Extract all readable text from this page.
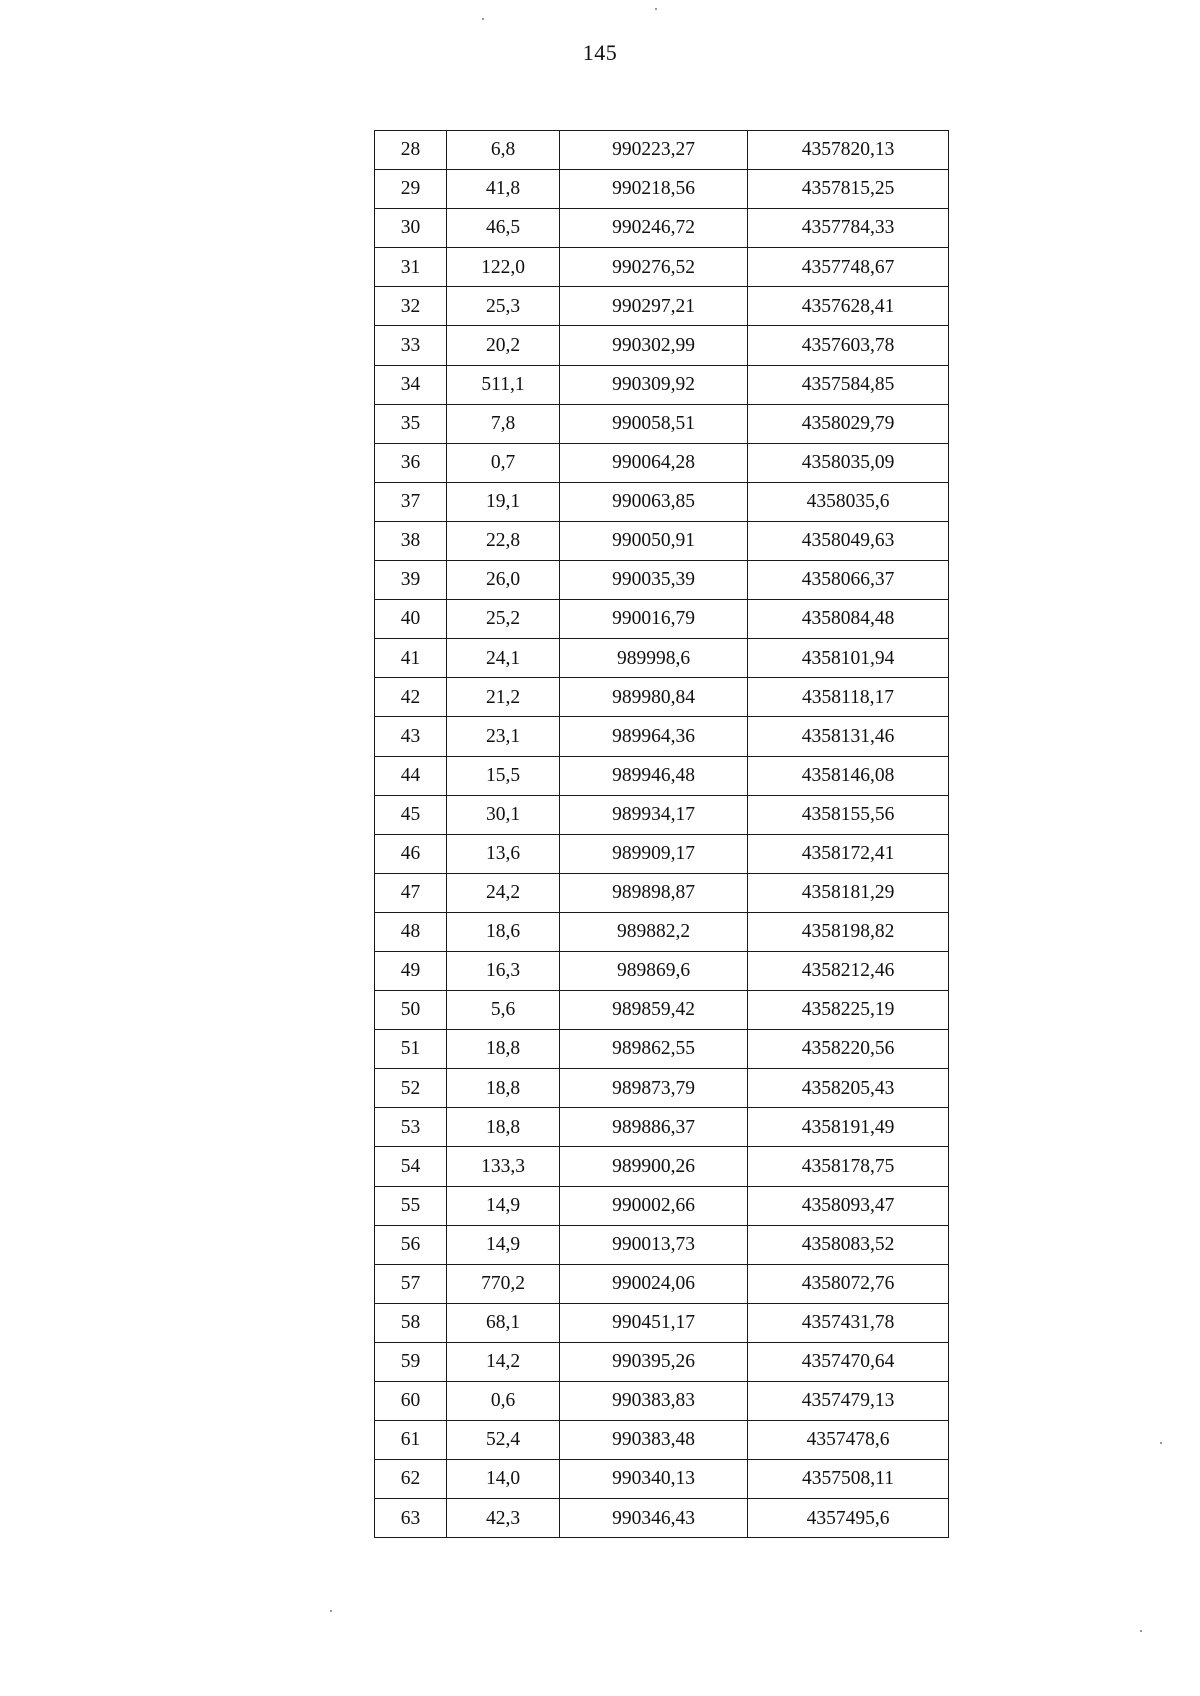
145
28	6,8	990223,27	4357820,13
29	41,8	990218,56	4357815,25
30	46,5	990246,72	4357784,33
31	122,0	990276,52	4357748,67
32	25,3	990297,21	4357628,41
33	20,2	990302,99	4357603,78
34	511,1	990309,92	4357584,85
35	7,8	990058,51	4358029,79
36	0,7	990064,28	4358035,09
37	19,1	990063,85	4358035,6
38	22,8	990050,91	4358049,63
39	26,0	990035,39	4358066,37
40	25,2	990016,79	4358084,48
41	24,1	989998,6	4358101,94
42	21,2	989980,84	4358118,17
43	23,1	989964,36	4358131,46
44	15,5	989946,48	4358146,08
45	30,1	989934,17	4358155,56
46	13,6	989909,17	4358172,41
47	24,2	989898,87	4358181,29
48	18,6	989882,2	4358198,82
49	16,3	989869,6	4358212,46
50	5,6	989859,42	4358225,19
51	18,8	989862,55	4358220,56
52	18,8	989873,79	4358205,43
53	18,8	989886,37	4358191,49
54	133,3	989900,26	4358178,75
55	14,9	990002,66	4358093,47
56	14,9	990013,73	4358083,52
57	770,2	990024,06	4358072,76
58	68,1	990451,17	4357431,78
59	14,2	990395,26	4357470,64
60	0,6	990383,83	4357479,13
61	52,4	990383,48	4357478,6
62	14,0	990340,13	4357508,11
63	42,3	990346,43	4357495,6
